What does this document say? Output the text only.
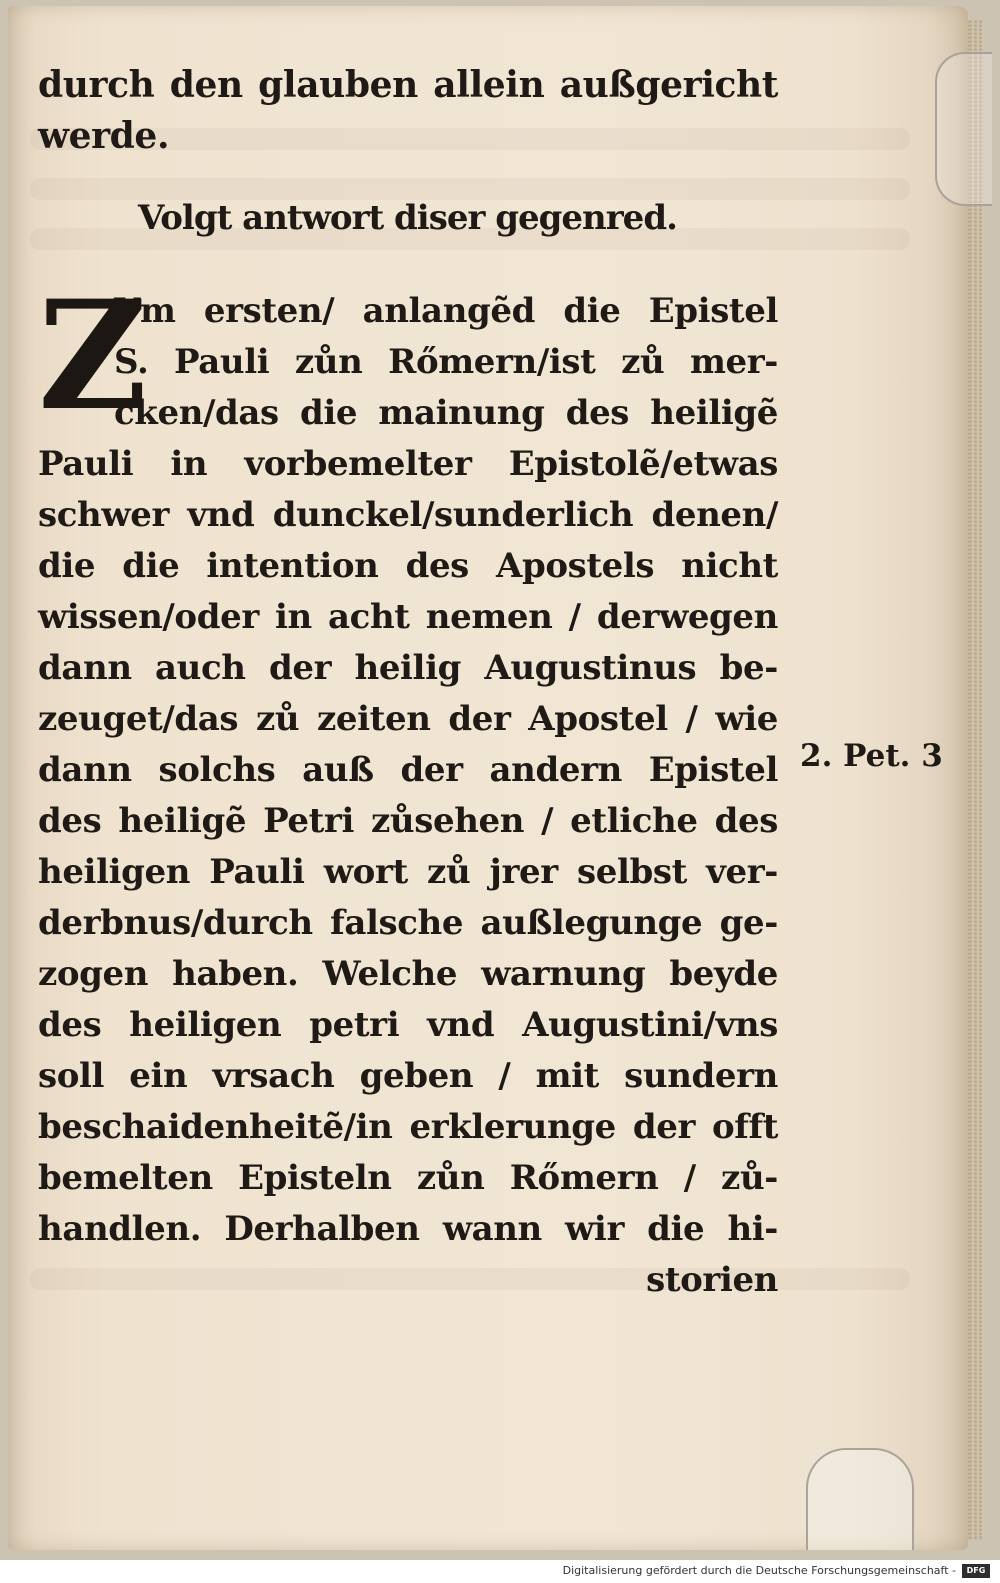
durch den glauben allein außgericht
werde.
Volgt antwort diser gegenred.
Z
Vm ersten/ anlangẽd die Epistel
S. Pauli zůn Rőmern/ist zů mer-
cken/das die mainung des heiligẽ
Pauli in vorbemelter Epistolẽ/etwas
schwer vnd dunckel/sunderlich denen/
die die intention des Apostels nicht
wissen/oder in acht nemen / derwegen
dann auch der heilig Augustinus be-
zeuget/das zů zeiten der Apostel / wie
dann solchs auß der andern Epistel
des heiligẽ Petri zůsehen / etliche des
heiligen Pauli wort zů jrer selbst ver-
derbnus/durch falsche außlegunge ge-
zogen haben. Welche warnung beyde
des heiligen petri vnd Augustini/vns
soll ein vrsach geben / mit sundern
beschaidenheitẽ/in erklerunge der offt
bemelten Episteln zůn Rőmern / zů-
handlen. Derhalben wann wir die hi-
storien
2. Pet. 3
Digitalisierung gefördert durch die Deutsche Forschungsgemeinschaft -	DFG
